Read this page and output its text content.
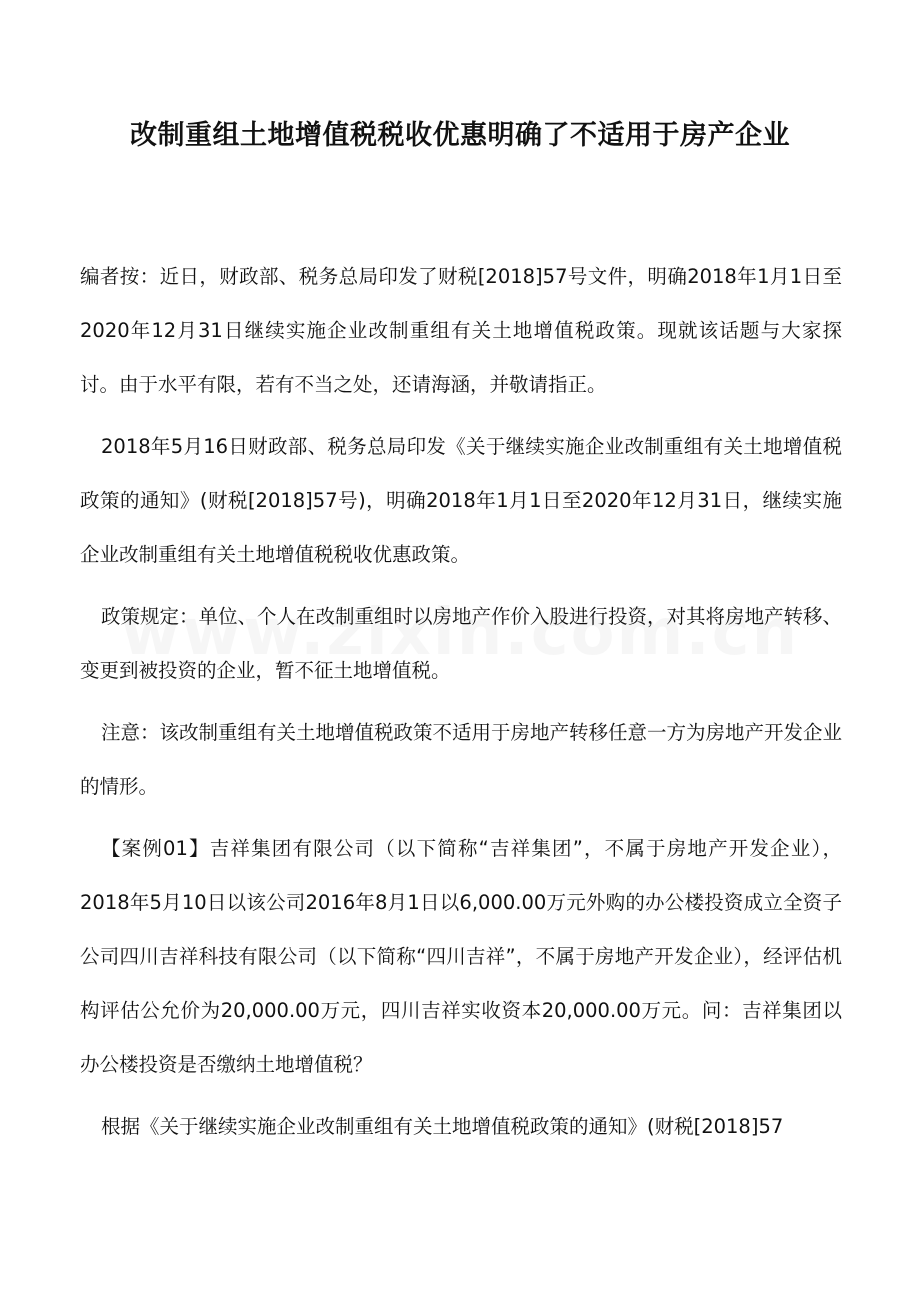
改制重组土地增值税税收优惠明确了不适用于房产企业

编者按：近日，财政部、税务总局印发了财税[2018]57号文件，明确2018年1月1日至2020年12月31日继续实施企业改制重组有关土地增值税政策。现就该话题与大家探讨。由于水平有限，若有不当之处，还请海涵，并敬请指正。

2018年5月16日财政部、税务总局印发《关于继续实施企业改制重组有关土地增值税政策的通知》(财税[2018]57号)，明确2018年1月1日至2020年12月31日，继续实施企业改制重组有关土地增值税税收优惠政策。

政策规定：单位、个人在改制重组时以房地产作价入股进行投资，对其将房地产转移、变更到被投资的企业，暂不征土地增值税。

注意：该改制重组有关土地增值税政策不适用于房地产转移任意一方为房地产开发企业的情形。

【案例01】吉祥集团有限公司（以下简称“吉祥集团”，不属于房地产开发企业），2018年5月10日以该公司2016年8月1日以6,000.00万元外购的办公楼投资成立全资子公司四川吉祥科技有限公司（以下简称“四川吉祥”，不属于房地产开发企业），经评估机构评估公允价为20,000.00万元，四川吉祥实收资本20,000.00万元。问：吉祥集团以办公楼投资是否缴纳土地增值税？

根据《关于继续实施企业改制重组有关土地增值税政策的通知》(财税[2018]57
